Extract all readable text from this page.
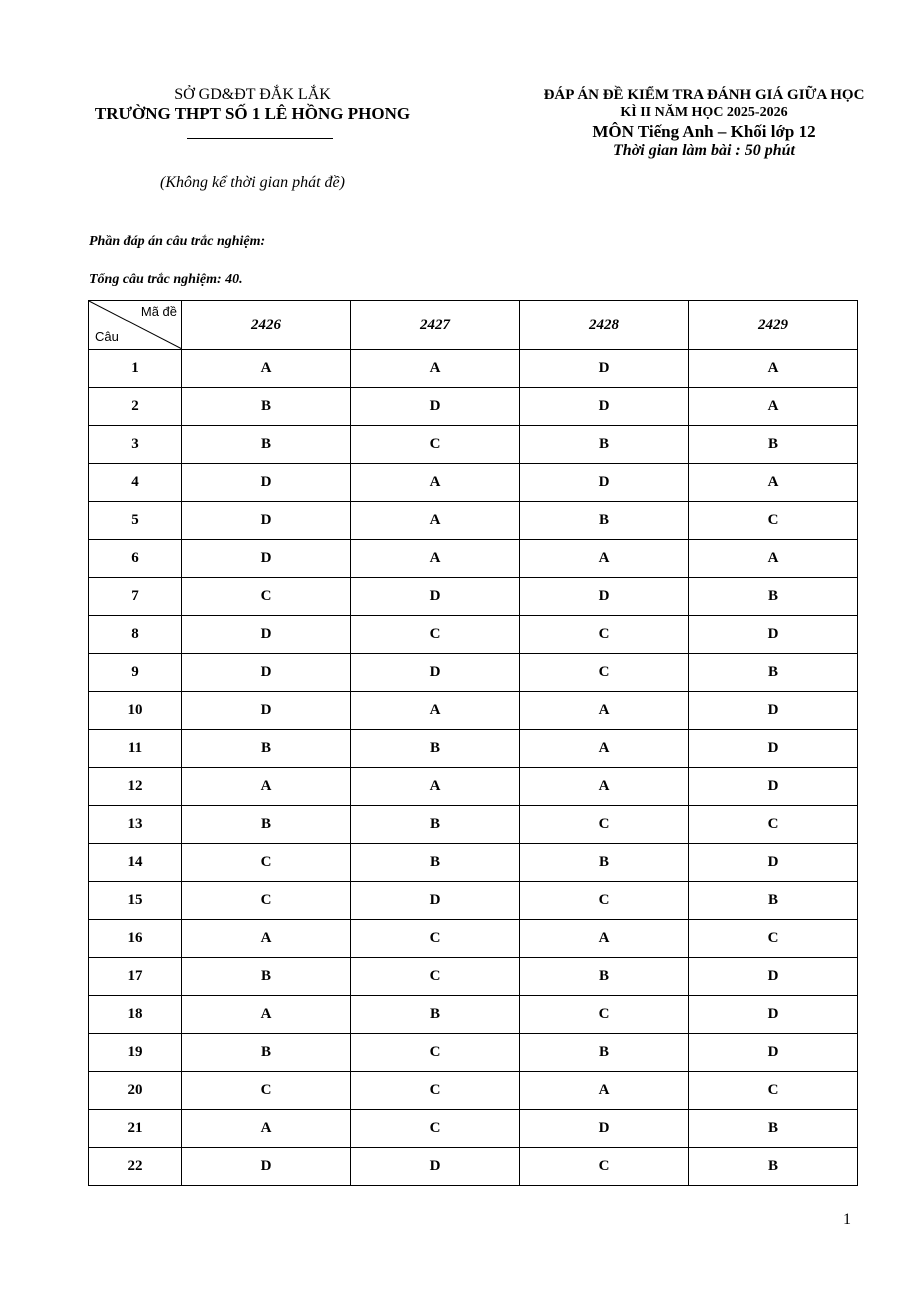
SỞ GD&ĐT ĐẮK LẮK
TRƯỜNG THPT SỐ 1 LÊ HỒNG PHONG
(Không kể thời gian phát đề)
ĐÁP ÁN ĐỀ KIỂM TRA ĐÁNH GIÁ GIỮA HỌC
KÌ II NĂM HỌC 2025-2026
MÔN Tiếng Anh – Khối lớp 12
Thời gian làm bài : 50 phút
Phần đáp án câu trắc nghiệm:
Tổng câu trắc nghiệm: 40.
Mã đề
Câu	2426	2427	2428	2429
1	A	A	D	A
2	B	D	D	A
3	B	C	B	B
4	D	A	D	A
5	D	A	B	C
6	D	A	A	A
7	C	D	D	B
8	D	C	C	D
9	D	D	C	B
10	D	A	A	D
11	B	B	A	D
12	A	A	A	D
13	B	B	C	C
14	C	B	B	D
15	C	D	C	B
16	A	C	A	C
17	B	C	B	D
18	A	B	C	D
19	B	C	B	D
20	C	C	A	C
21	A	C	D	B
22	D	D	C	B
1
